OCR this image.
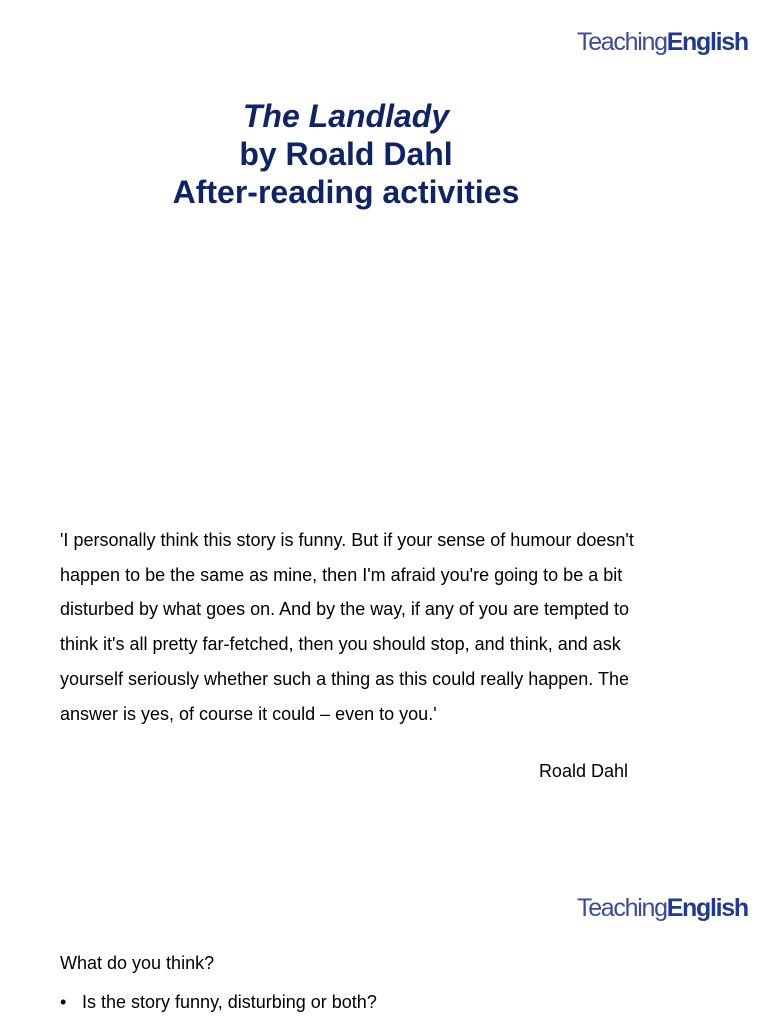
TeachingEnglish
The Landlady
by Roald Dahl
After-reading activities
'I personally think this story is funny. But if your sense of humour doesn't happen to be the same as mine, then I'm afraid you're going to be a bit disturbed by what goes on. And by the way, if any of you are tempted to think it's all pretty far-fetched, then you should stop, and think, and ask yourself seriously whether such a thing as this could really happen. The answer is yes, of course it could – even to you.'
Roald Dahl
TeachingEnglish
What do you think?
• Is the story funny, disturbing or both?
